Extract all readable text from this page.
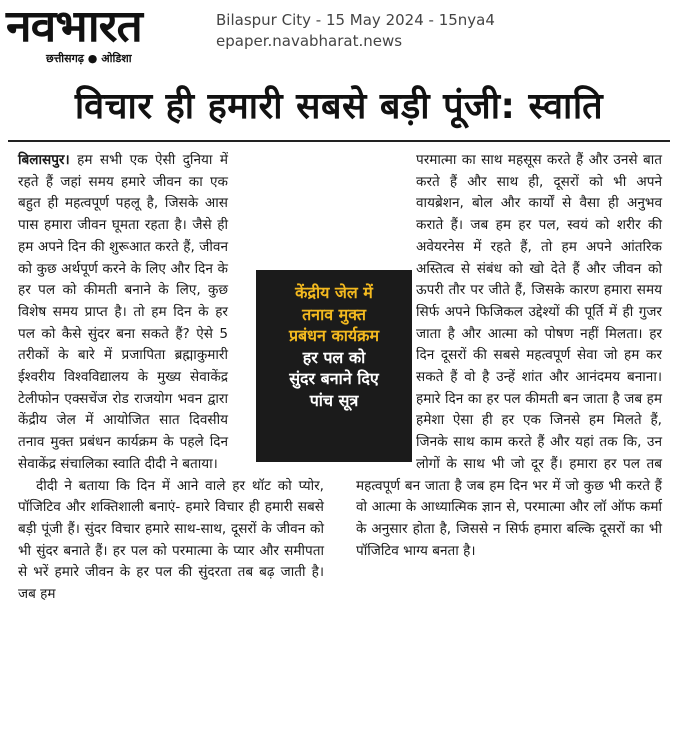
नवभारत
छत्तीसगढ़ ● ओडिशा
Bilaspur City - 15 May 2024 - 15nya4
epaper.navabharat.news
विचार ही हमारी सबसे बड़ी पूंजी: स्वाति

बिलासपुर। हम सभी एक ऐसी दुनिया में रहते हैं जहां समय हमारे जीवन का एक बहुत ही महत्वपूर्ण पहलू है, जिसके आस पास हमारा जीवन घूमता रहता है। जैसे ही हम अपने दिन की शुरूआत करते हैं, जीवन को कुछ अर्थपूर्ण करने के लिए और दिन के हर पल को कीमती बनाने के लिए, कुछ विशेष समय प्राप्त है। तो हम दिन के हर पल को कैसे सुंदर बना सकते हैं? ऐसे 5 तरीकों के बारे में प्रजापिता ब्रह्माकुमारी ईश्वरीय विश्वविद्यालय के मुख्य सेवाकेंद्र टेलीफोन एक्सचेंज रोड राजयोग भवन द्वारा केंद्रीय जेल में आयोजित सात दिवसीय तनाव मुक्त प्रबंधन कार्यक्रम के पहले दिन सेवाकेंद्र संचालिका स्वाति दीदी ने बताया।

दीदी ने बताया कि दिन में आने वाले हर थॉट को प्योर, पॉजिटिव और शक्तिशाली बनाएं- हमारे विचार ही हमारी सबसे बड़ी पूंजी हैं। सुंदर विचार हमारे साथ-साथ, दूसरों के जीवन को भी सुंदर बनाते हैं। हर पल को परमात्मा के प्यार और समीपता से भरें हमारे जीवन के हर पल की सुंदरता तब बढ़ जाती है। जब हम

परमात्मा का साथ महसूस करते हैं और उनसे बात करते हैं और साथ ही, दूसरों को भी अपने वायब्रेशन, बोल और कार्यों से वैसा ही अनुभव कराते हैं। जब हम हर पल, स्वयं को शरीर की अवेयरनेस में रहते हैं, तो हम अपने आंतरिक अस्तित्व से संबंध को खो देते हैं और जीवन को ऊपरी तौर पर जीते हैं, जिसके कारण हमारा समय सिर्फ अपने फिजिकल उद्देश्यों की पूर्ति में ही गुजर जाता है और आत्मा को पोषण नहीं मिलता। हर दिन दूसरों की सबसे महत्वपूर्ण सेवा जो हम कर सकते हैं वो है उन्हें शांत और आनंदमय बनाना। हमारे दिन का हर पल कीमती बन जाता है जब हम हमेशा ऐसा ही हर एक जिनसे हम मिलते हैं, जिनके साथ काम करते हैं और यहां तक कि, उन लोगों के साथ भी जो दूर हैं। हमारा हर पल तब महत्वपूर्ण बन जाता है जब हम दिन भर में जो कुछ भी करते हैं वो आत्मा के आध्यात्मिक ज्ञान से, परमात्मा और लॉ ऑफ कर्मा के अनुसार होता है, जिससे न सिर्फ हमारा बल्कि दूसरों का भी पॉजिटिव भाग्य बनता है।

केंद्रीय जेल में
तनाव मुक्त
प्रबंधन कार्यक्रम
हर पल को
सुंदर बनाने दिए
पांच सूत्र
